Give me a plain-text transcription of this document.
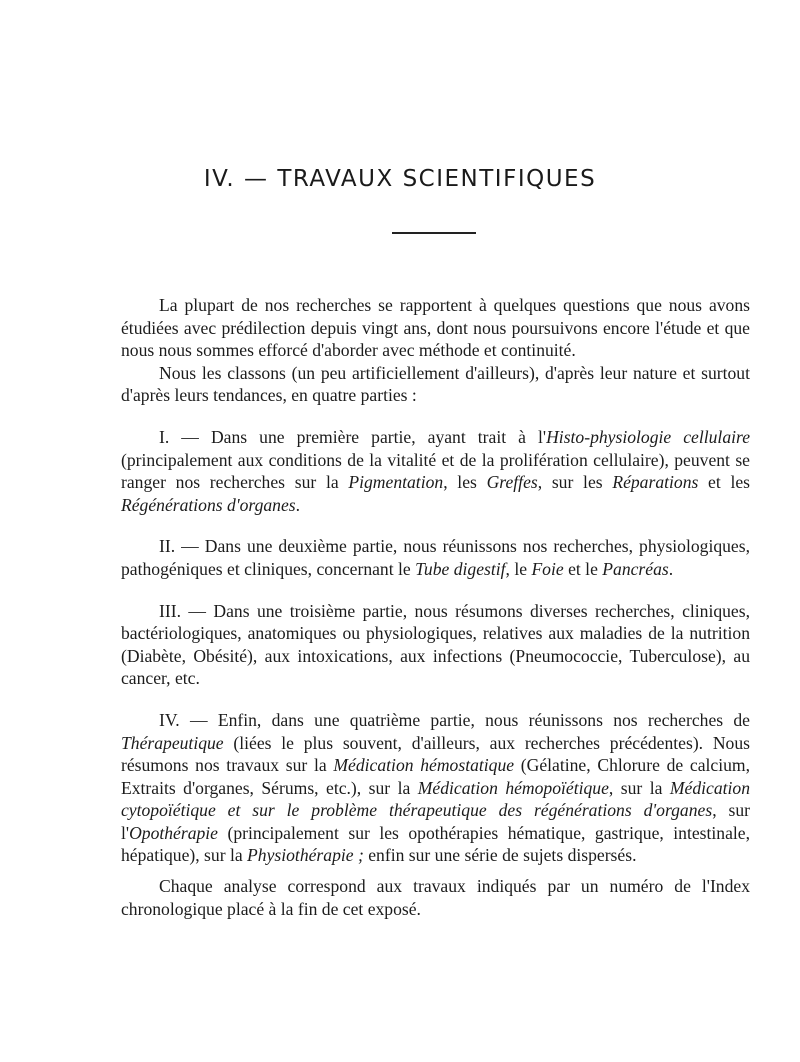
IV. — TRAVAUX SCIENTIFIQUES

La plupart de nos recherches se rapportent à quelques questions que nous avons étudiées avec prédilection depuis vingt ans, dont nous poursuivons encore l'étude et que nous nous sommes efforcé d'aborder avec méthode et continuité.

Nous les classons (un peu artificiellement d'ailleurs), d'après leur nature et surtout d'après leurs tendances, en quatre parties :

I. — Dans une première partie, ayant trait à l'Histo-physiologie cellulaire (principalement aux conditions de la vitalité et de la prolifération cellulaire), peuvent se ranger nos recherches sur la Pigmentation, les Greffes, sur les Réparations et les Régénérations d'organes.

II. — Dans une deuxième partie, nous réunissons nos recherches, physiologiques, pathogéniques et cliniques, concernant le Tube digestif, le Foie et le Pancréas.

III. — Dans une troisième partie, nous résumons diverses recherches, cliniques, bactériologiques, anatomiques ou physiologiques, relatives aux maladies de la nutrition (Diabète, Obésité), aux intoxications, aux infections (Pneumococcie, Tuberculose), au cancer, etc.

IV. — Enfin, dans une quatrième partie, nous réunissons nos recherches de Thérapeutique (liées le plus souvent, d'ailleurs, aux recherches précédentes). Nous résumons nos travaux sur la Médication hémostatique (Gélatine, Chlorure de calcium, Extraits d'organes, Sérums, etc.), sur la Médication hémopoïétique, sur la Médication cytopoïétique et sur le problème thérapeutique des régénérations d'organes, sur l'Opothérapie (principalement sur les opothérapies hématique, gastrique, intestinale, hépatique), sur la Physiothérapie ; enfin sur une série de sujets dispersés.

Chaque analyse correspond aux travaux indiqués par un numéro de l'Index chronologique placé à la fin de cet exposé.
